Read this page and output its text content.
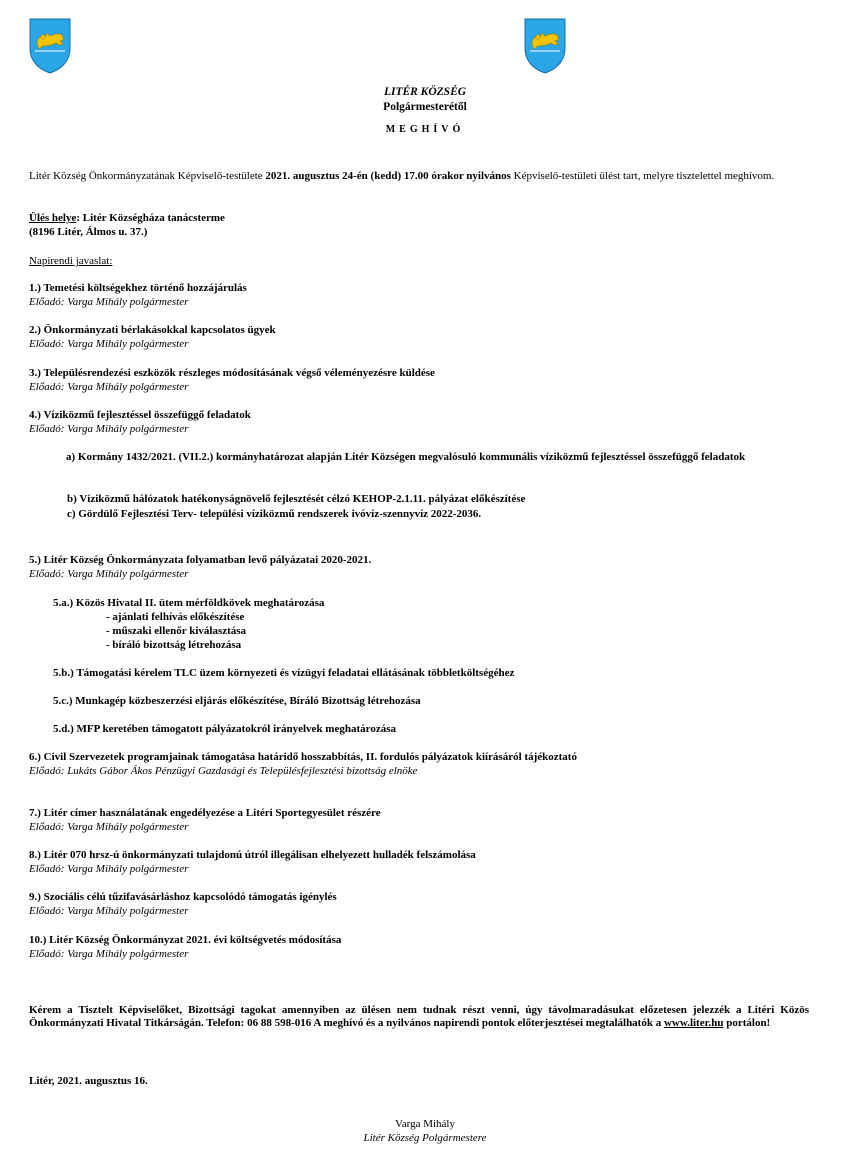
LITÉR KÖZSÉG
Polgármesterétől
MEGHÍVÓ
Litér Község Önkormányzatának Képviselő-testülete 2021. augusztus 24-én (kedd) 17.00 órakor nyilvános Képviselő-testületi ülést tart, melyre tisztelettel meghívom.
Ülés helye: Litér Községháza tanácsterme
(8196 Litér, Álmos u. 37.)
Napirendi javaslat:
1.) Temetési költségekhez történő hozzájárulás
Előadó: Varga Mihály polgármester
2.) Önkormányzati bérlakásokkal kapcsolatos ügyek
Előadó: Varga Mihály polgármester
3.) Településrendezési eszközök részleges módosításának végső véleményezésre küldése
Előadó: Varga Mihály polgármester
4.) Víziközmű fejlesztéssel összefüggő feladatok
Előadó: Varga Mihály polgármester
a) Kormány 1432/2021. (VII.2.) kormányhatározat alapján Litér Községen megvalósuló kommunális víziközmű fejlesztéssel összefüggő feladatok
b) Víziközmű hálózatok hatékonyságnövelő fejlesztését célzó KEHOP-2.1.11. pályázat előkészítése
c) Gördülő Fejlesztési Terv- települési víziközmű rendszerek ivóvíz-szennyvíz 2022-2036.
5.) Litér Község Önkormányzata folyamatban levő pályázatai 2020-2021.
Előadó: Varga Mihály polgármester
5.a.) Közös Hivatal II. ütem mérföldkövek meghatározása
- ajánlati felhívás előkészítése
- műszaki ellenőr kiválasztása
- bíráló bizottság létrehozása
5.b.) Támogatási kérelem TLC üzem környezeti és vízügyi feladatai ellátásának többletköltségéhez
5.c.) Munkagép közbeszerzési eljárás előkészítése, Bíráló Bizottság létrehozása
5.d.) MFP keretében támogatott pályázatokról irányelvek meghatározása
6.) Civil Szervezetek programjainak támogatása határidő hosszabbítás, II. fordulós pályázatok kiírásáról tájékoztató
Előadó: Lukáts Gábor Ákos Pénzügyi Gazdasági és Településfejlesztési bizottság elnöke
7.) Litér címer használatának engedélyezése a Litéri Sportegyesület részére
Előadó: Varga Mihály polgármester
8.) Litér 070 hrsz-ú önkormányzati tulajdonú útról illegálisan elhelyezett hulladék felszámolása
Előadó: Varga Mihály polgármester
9.) Szociális célú tűzifavásárláshoz kapcsolódó támogatás igénylés
Előadó: Varga Mihály polgármester
10.) Litér Község Önkormányzat 2021. évi költségvetés módosítása
Előadó: Varga Mihály polgármester
Kérem a Tisztelt Képviselőket, Bizottsági tagokat amennyiben az ülésen nem tudnak részt venni, úgy távolmaradásukat előzetesen jelezzék a Litéri Közös Önkormányzati Hivatal Titkárságán. Telefon: 06 88 598-016 A meghívó és a nyilvános napirendi pontok előterjesztései megtalálhatók a www.liter.hu portálon!
Litér, 2021. augusztus 16.
Varga Mihály
Litér Község Polgármestere
